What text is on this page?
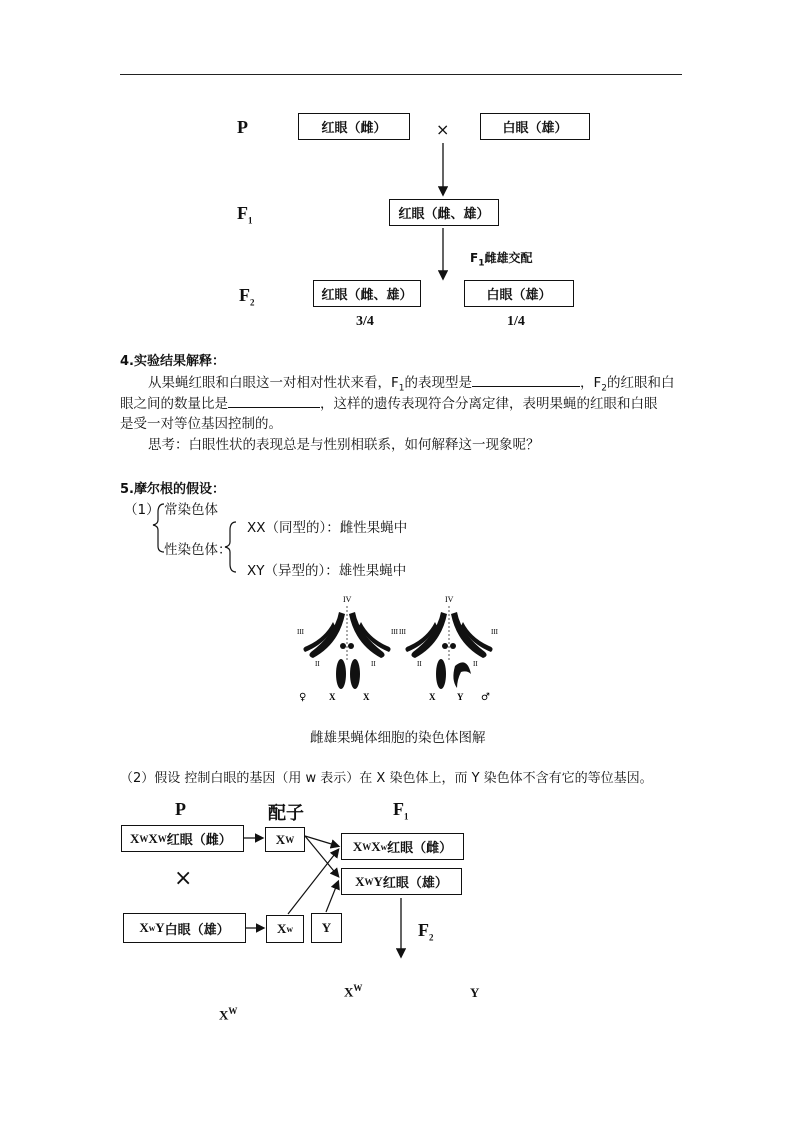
P	红眼（雌）	×	白眼（雄）
$F_1$	红眼（雌、雄）
$F_1$雌雄交配
$F_2$	红眼（雌、雄）	白眼（雄）
3/4	1/4
4.实验结果解释：
从果蝇红眼和白眼这一对相对性状来看，$F_1$的表现型是	，$F_2$的红眼和白
眼之间的数量比是	，这样的遗传表现符合分离定律，表明果蝇的红眼和白眼
是受一对等位基因控制的。
思考：白眼性状的表现总是与性别相联系，如何解释这一现象呢？
5.摩尔根的假设：
（1） 常染色体
性染色体：
XX（同型的）：雌性果蝇中
XY（异型的）：雄性果蝇中
IV
III	III
II	II
♀	X	X
IV
III	III
II	II
X Y ♂
雌雄果蝇体细胞的染色体图解
（2）假设 控制白眼的基因（用 w 表示）在 X 染色体上，而 Y 染色体不含有它的等位基因。
P	配子	$F_1$
X W X W 红眼（雌）
×
X w Y 白眼（雄）
X W
X w Y
X W X w 红眼（雌）
X W Y 红眼（雄）
$F_2$
$X^W$	Y
$X^W$
